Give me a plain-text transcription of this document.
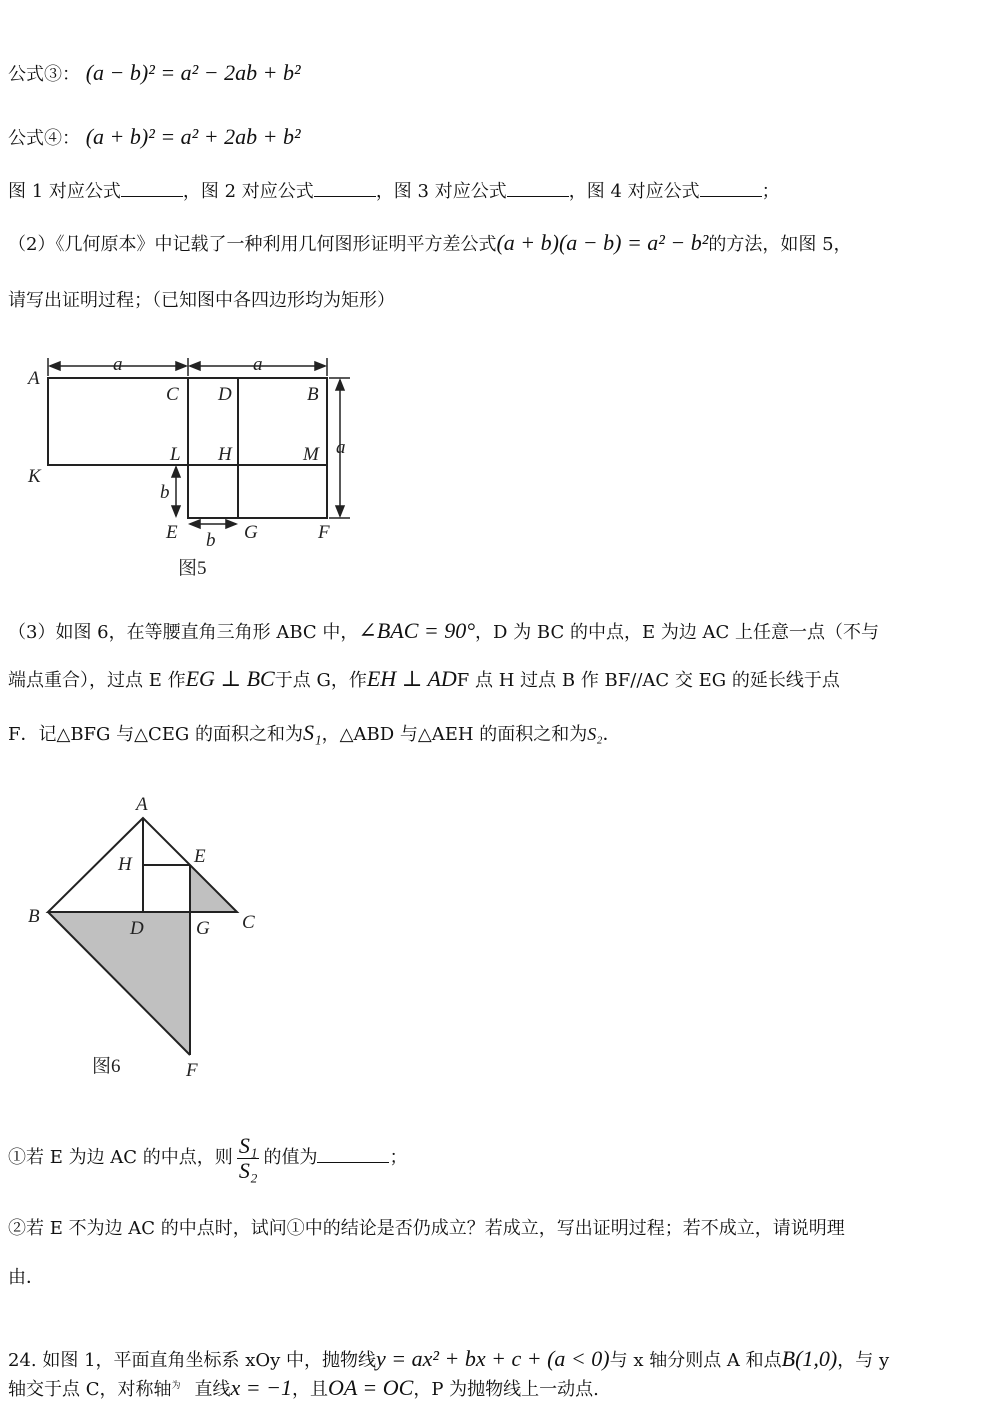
公式③： (a − b)² = a² − 2ab + b²
公式④： (a + b)² = a² + 2ab + b²
图 1 对应公式	，图 2 对应公式	，图 3 对应公式	，图 4 对应公式	；
（2）《几何原本》中记载了一种利用几何图形证明平方差公式(a + b)(a − b) = a² − b²的方法，如图 5，
请写出证明过程；（已知图中各四边形均为矩形）
A
C D	B
K
L H	M
E	G	F
a	a
a
b
b
图5
（3）如图 6，在等腰直角三角形 ABC 中，∠BAC = 90°，D 为 BC 的中点，E 为边 AC 上任意一点（不与
端点重合），过点 E 作EG ⊥ BC于点 G，作EH ⊥ ADF 点 H 过点 B 作 BF//AC 交 EG 的延长线于点
F．记△BFG 与△CEG 的面积之和为S₁，△ABD 与△AEH 的面积之和为S₂．
A
B	C
D
E
F
G
H
图6
①若 E 为边 AC 的中点，则 $\frac{\text{S₁}}{\text{S₂}}$ 的值为	；
②若 E 不为边 AC 的中点时，试问①中的结论是否仍成立？若成立，写出证明过程；若不成立，请说明理
由．
24. 如图 1，平面直角坐标系 xOy 中，抛物线y = ax² + bx + c + (a < 0)与 x 轴分则点 A 和点B(1,0)，与 y
轴交于点 C，对称轴$^为$ 直线x = −1，且OA = OC，P 为抛物线上一动点.
